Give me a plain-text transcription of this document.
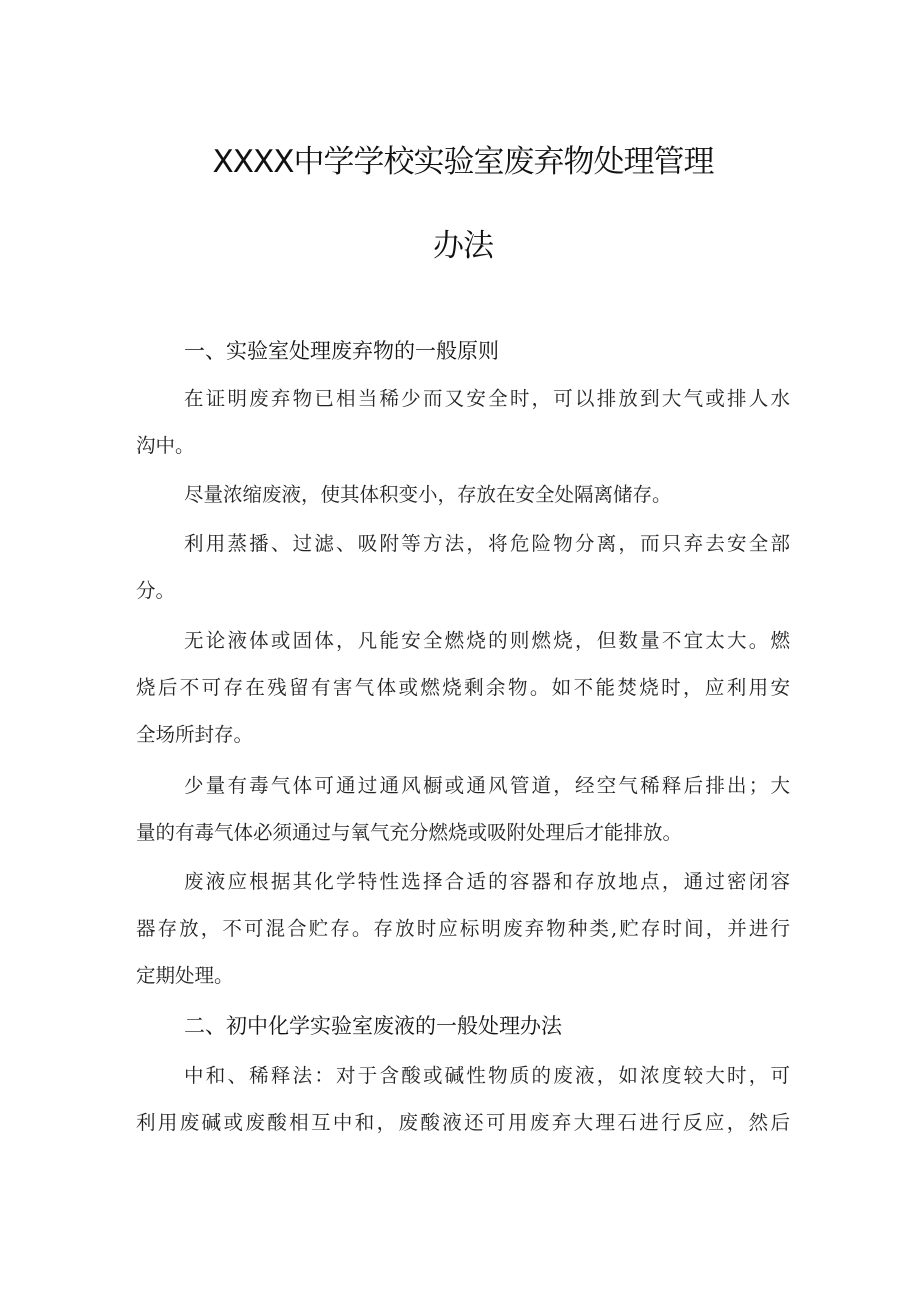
XXXX中学学校实验室废弃物处理管理
办法
一、实验室处理废弃物的一般原则
在证明废弃物已相当稀少而又安全时，可以排放到大气或排人水
沟中。
尽量浓缩废液，使其体积变小，存放在安全处隔离储存。
利用蒸播、过滤、吸附等方法，将危险物分离，而只弃去安全部
分。
无论液体或固体，凡能安全燃烧的则燃烧，但数量不宜太大。燃
烧后不可存在残留有害气体或燃烧剩余物。如不能焚烧时，应利用安
全场所封存。
少量有毒气体可通过通风橱或通风管道，经空气稀释后排出；大
量的有毒气体必须通过与氧气充分燃烧或吸附处理后才能排放。
废液应根据其化学特性选择合适的容器和存放地点，通过密闭容
器存放，不可混合贮存。存放时应标明废弃物种类,贮存时间，并进行
定期处理。
二、初中化学实验室废液的一般处理办法
中和、稀释法：对于含酸或碱性物质的废液，如浓度较大时，可
利用废碱或废酸相互中和，废酸液还可用废弃大理石进行反应，然后
